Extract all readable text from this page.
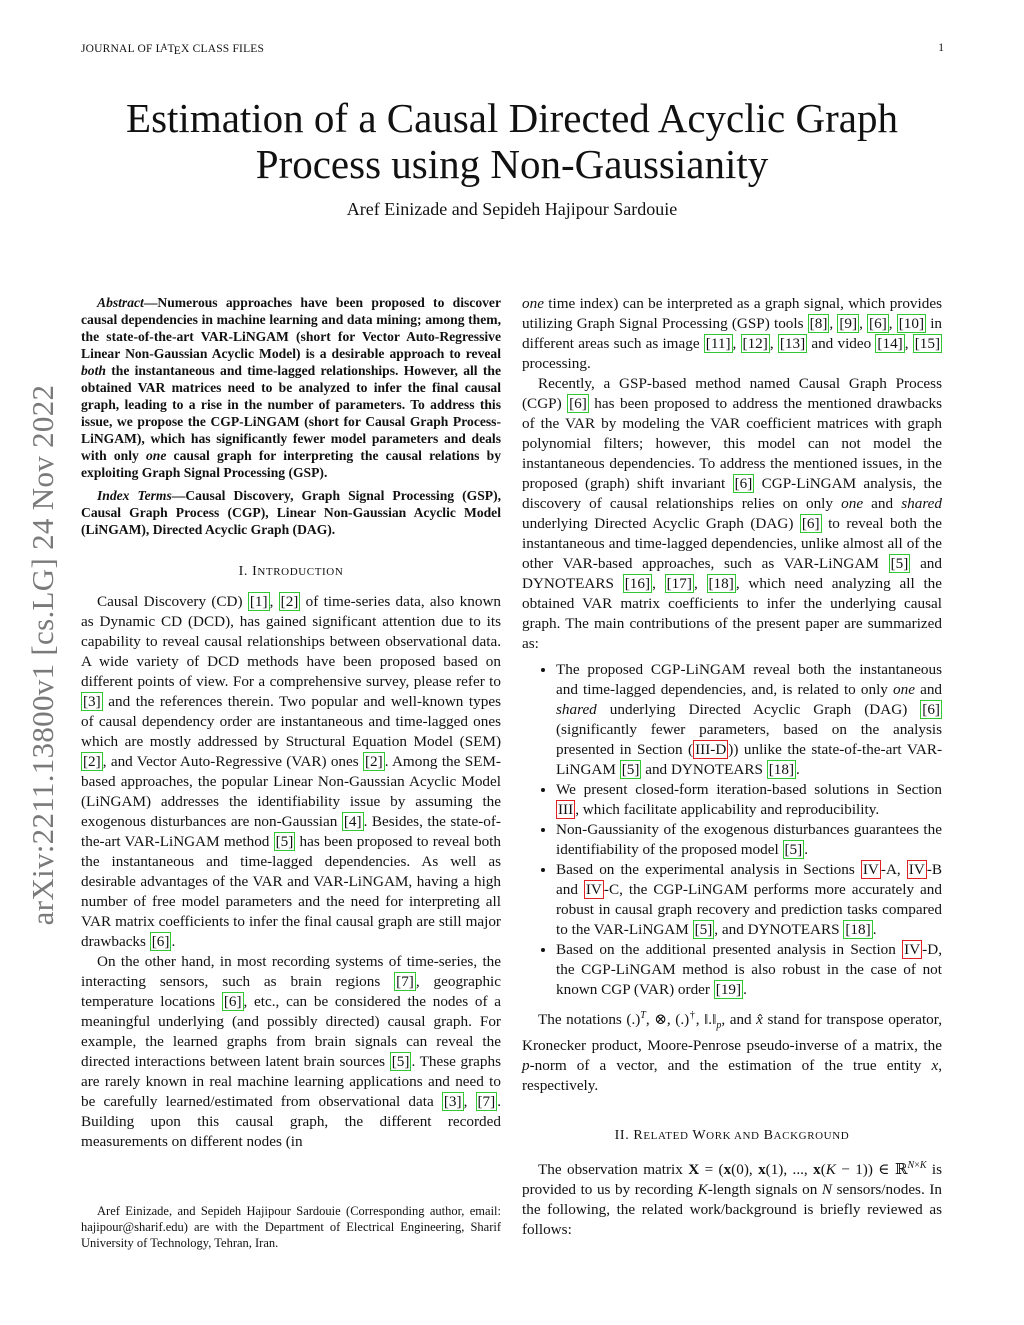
JOURNAL OF LATEX CLASS FILES	1
Estimation of a Causal Directed Acyclic Graph
Process using Non-Gaussianity
Aref Einizade and Sepideh Hajipour Sardouie
arXiv:2211.13800v1 [cs.LG] 24 Nov 2022

Abstract—Numerous approaches have been proposed to discover causal dependencies in machine learning and data mining; among them, the state-of-the-art VAR-LiNGAM (short for Vector Auto-Regressive Linear Non-Gaussian Acyclic Model) is a desirable approach to reveal both the instantaneous and time-lagged relationships. However, all the obtained VAR matrices need to be analyzed to infer the final causal graph, leading to a rise in the number of parameters. To address this issue, we propose the CGP-LiNGAM (short for Causal Graph Process-LiNGAM), which has significantly fewer model parameters and deals with only one causal graph for interpreting the causal relations by exploiting Graph Signal Processing (GSP).

Index Terms—Causal Discovery, Graph Signal Processing (GSP), Causal Graph Process (CGP), Linear Non-Gaussian Acyclic Model (LiNGAM), Directed Acyclic Graph (DAG).

I. INTRODUCTION

Causal Discovery (CD) [1] , [2] of time-series data, also known as Dynamic CD (DCD), has gained significant attention due to its capability to reveal causal relationships between observational data. A wide variety of DCD methods have been proposed based on different points of view. For a comprehensive survey, please refer to [3] and the references therein. Two popular and well-known types of causal dependency order are instantaneous and time-lagged ones which are mostly addressed by Structural Equation Model (SEM) [2] , and Vector Auto-Regressive (VAR) ones [2] . Among the SEM-based approaches, the popular Linear Non-Gaussian Acyclic Model (LiNGAM) addresses the identifiability issue by assuming the exogenous disturbances are non-Gaussian [4] . Besides, the state-of-the-art VAR-LiNGAM method [5] has been proposed to reveal both the instantaneous and time-lagged dependencies. As well as desirable advantages of the VAR and VAR-LiNGAM, having a high number of free model parameters and the need for interpreting all VAR matrix coefficients to infer the final causal graph are still major drawbacks [6] .

On the other hand, in most recording systems of time-series, the interacting sensors, such as brain regions [7] , geographic temperature locations [6] , etc., can be considered the nodes of a meaningful underlying (and possibly directed) causal graph. For example, the learned graphs from brain signals can reveal the directed interactions between latent brain sources [5] . These graphs are rarely known in real machine learning applications and need to be carefully learned/estimated from observational data [3] , [7] . Building upon this causal graph, the different recorded measurements on different nodes (in

Aref Einizade, and Sepideh Hajipour Sardouie (Corresponding author, email: hajipour@sharif.edu) are with the Department of Electrical Engineering, Sharif University of Technology, Tehran, Iran.

one time index) can be interpreted as a graph signal, which provides utilizing Graph Signal Processing (GSP) tools [8] , [9] , [6] , [10] in different areas such as image [11] , [12] , [13] and video [14] , [15] processing.

Recently, a GSP-based method named Causal Graph Process (CGP) [6] has been proposed to address the mentioned drawbacks of the VAR by modeling the VAR coefficient matrices with graph polynomial filters; however, this model can not model the instantaneous dependencies. To address the mentioned issues, in the proposed (graph) shift invariant [6] CGP-LiNGAM analysis, the discovery of causal relationships relies on only one and shared underlying Directed Acyclic Graph (DAG) [6] to reveal both the instantaneous and time-lagged dependencies, unlike almost all of the other VAR-based approaches, such as VAR-LiNGAM [5] and DYNOTEARS [16] , [17] , [18] , which need analyzing all the obtained VAR matrix coefficients to infer the underlying causal graph. The main contributions of the present paper are summarized as:

• The proposed CGP-LiNGAM reveal both the instantaneous and time-lagged dependencies, and, is related to only one and shared underlying Directed Acyclic Graph (DAG) [6] (significantly fewer parameters, based on the analysis presented in Section ( III-D )) unlike the state-of-the-art VAR-LiNGAM [5] and DYNOTEARS [18] .
• We present closed-form iteration-based solutions in Section III , which facilitate applicability and reproducibility.
• Non-Gaussianity of the exogenous disturbances guarantees the identifiability of the proposed model [5] .
• Based on the experimental analysis in Sections IV -A, IV -B and IV -C, the CGP-LiNGAM performs more accurately and robust in causal graph recovery and prediction tasks compared to the VAR-LiNGAM [5] , and DYNOTEARS [18] .
• Based on the additional presented analysis in Section IV -D, the CGP-LiNGAM method is also robust in the case of not known CGP (VAR) order [19] .

The notations (.)$^T$, ⊗, (.)†, $‖.‖_p$, and x̂ stand for transpose operator, Kronecker product, Moore-Penrose pseudo-inverse of a matrix, the p-norm of a vector, and the estimation of the true entity x, respectively.

II. RELATED WORK AND BACKGROUND

The observation matrix X = (x(0), x(1), ..., x(K − 1)) ∈ ℝ$^{N\times K}$ is provided to us by recording K-length signals on N sensors/nodes. In the following, the related work/background is briefly reviewed as follows:
